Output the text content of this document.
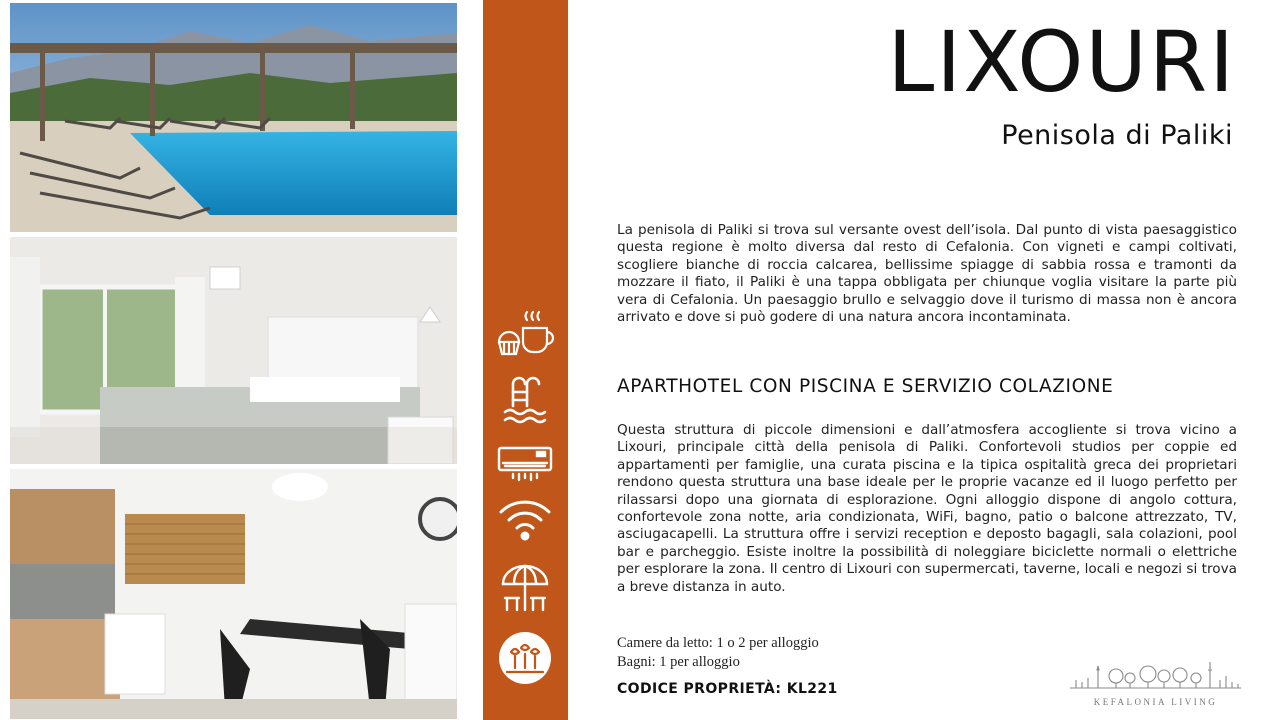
LIXOURI
Penisola di Paliki

La penisola di Paliki si trova sul versante ovest dell’isola. Dal punto di vista paesaggistico questa regione è molto diversa dal resto di Cefalonia. Con vigneti e campi coltivati, scogliere bianche di roccia calcarea, bellissime spiagge di sabbia rossa e tramonti da mozzare il fiato, il Paliki è una tappa obbligata per chiunque voglia visitare la parte più vera di Cefalonia. Un paesaggio brullo e selvaggio dove il turismo di massa non è ancora arrivato e dove si può godere di una natura ancora incontaminata.

APARTHOTEL CON PISCINA E SERVIZIO COLAZIONE

Questa struttura di piccole dimensioni e dall’atmosfera accogliente si trova vicino a Lixouri, principale città della penisola di Paliki. Confortevoli studios per coppie ed appartamenti per famiglie, una curata piscina e la tipica ospitalità greca dei proprietari rendono questa struttura una base ideale per le proprie vacanze ed il luogo perfetto per rilassarsi dopo una giornata di esplorazione. Ogni alloggio dispone di angolo cottura, confortevole zona notte, aria condizionata, WiFi, bagno, patio o balcone attrezzato, TV, asciugacapelli. La struttura offre i servizi reception e deposto bagagli, sala colazioni, pool bar e parcheggio. Esiste inoltre la possibilità di noleggiare biciclette normali o elettriche per esplorare la zona. Il centro di Lixouri con supermercati, taverne, locali e negozi si trova a breve distanza in auto.

Camere da letto: 1 o 2 per alloggio
Bagni: 1 per alloggio
CODICE PROPRIETÀ: KL221
KEFALONIA LIVING
